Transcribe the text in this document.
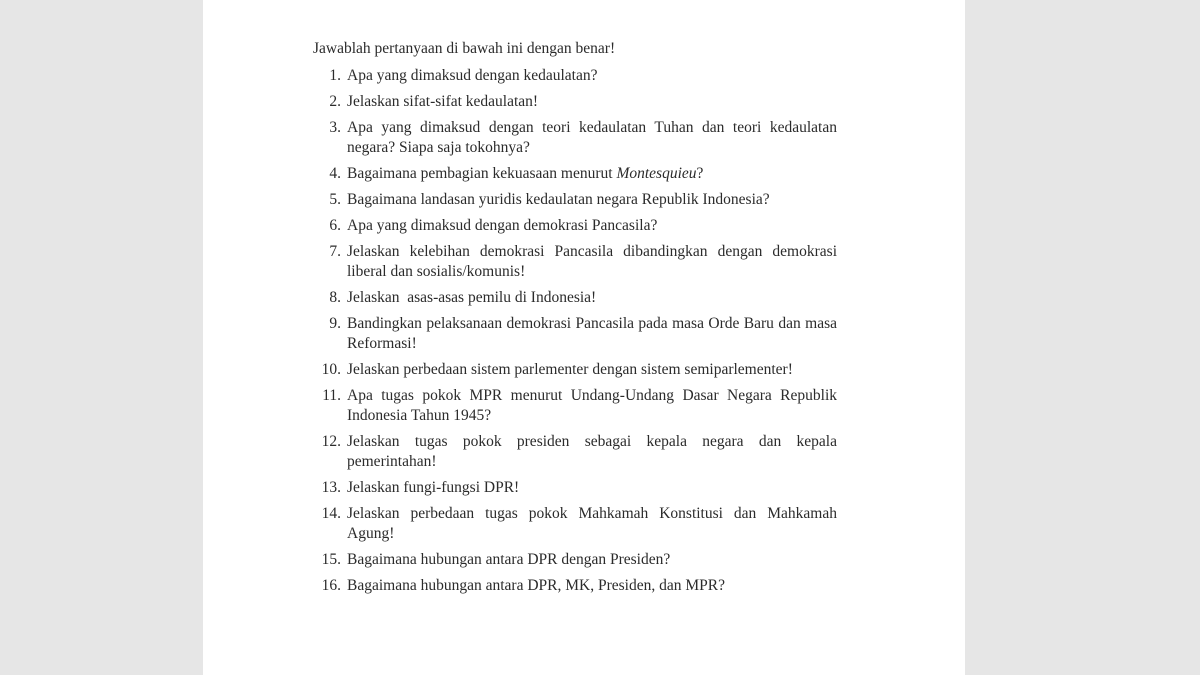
Jawablah pertanyaan di bawah ini dengan benar!

1. Apa yang dimaksud dengan kedaulatan?
2. Jelaskan sifat-sifat kedaulatan!
3. Apa yang dimaksud dengan teori kedaulatan Tuhan dan teori kedaulatan negara? Siapa saja tokohnya?
4. Bagaimana pembagian kekuasaan menurut Montesquieu?
5. Bagaimana landasan yuridis kedaulatan negara Republik Indonesia?
6. Apa yang dimaksud dengan demokrasi Pancasila?
7. Jelaskan kelebihan demokrasi Pancasila dibandingkan dengan demokrasi liberal dan sosialis/komunis!
8. Jelaskan  asas-asas pemilu di Indonesia!
9. Bandingkan pelaksanaan demokrasi Pancasila pada masa Orde Baru dan masa Reformasi!
10. Jelaskan perbedaan sistem parlementer dengan sistem semiparlementer!
11. Apa tugas pokok MPR menurut Undang-Undang Dasar Negara Republik Indonesia Tahun 1945?
12. Jelaskan tugas pokok presiden sebagai kepala negara dan kepala pemerintahan!
13. Jelaskan fungi-fungsi DPR!
14. Jelaskan perbedaan tugas pokok Mahkamah Konstitusi dan Mahkamah Agung!
15. Bagaimana hubungan antara DPR dengan Presiden?
16. Bagaimana hubungan antara DPR, MK, Presiden, dan MPR?
